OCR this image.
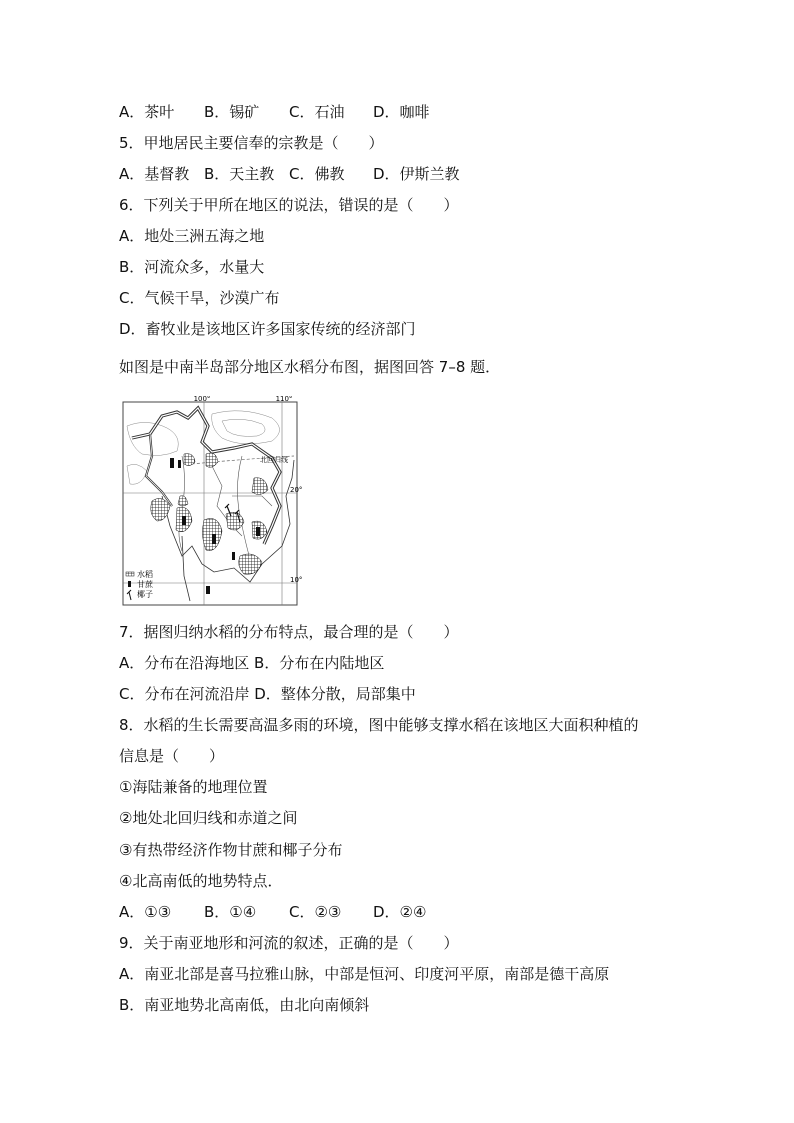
A．茶叶 B．锡矿 C．石油 D．咖啡
5．甲地居民主要信奉的宗教是（　　）
A．基督教 B．天主教 C．佛教 D．伊斯兰教
6．下列关于甲所在地区的说法，错误的是（　　）
A．地处三洲五海之地
B．河流众多，水量大
C．气候干旱，沙漠广布
D．畜牧业是该地区许多国家传统的经济部门
如图是中南半岛部分地区水稻分布图，据图回答 7–8 题．
100°	110°
20°
10°
北回归线
水稻
甘蔗
椰子
7．据图归纳水稻的分布特点，最合理的是（　　）
A．分布在沿海地区 B．分布在内陆地区
C．分布在河流沿岸 D．整体分散，局部集中
8．水稻的生长需要高温多雨的环境，图中能够支撑水稻在该地区大面积种植的
信息是（　　）
①海陆兼备的地理位置
②地处北回归线和赤道之间
③有热带经济作物甘蔗和椰子分布
④北高南低的地势特点．
A．①③ B．①④ C．②③ D．②④
9．关于南亚地形和河流的叙述，正确的是（　　）
A．南亚北部是喜马拉雅山脉，中部是恒河、印度河平原，南部是德干高原
B．南亚地势北高南低，由北向南倾斜
